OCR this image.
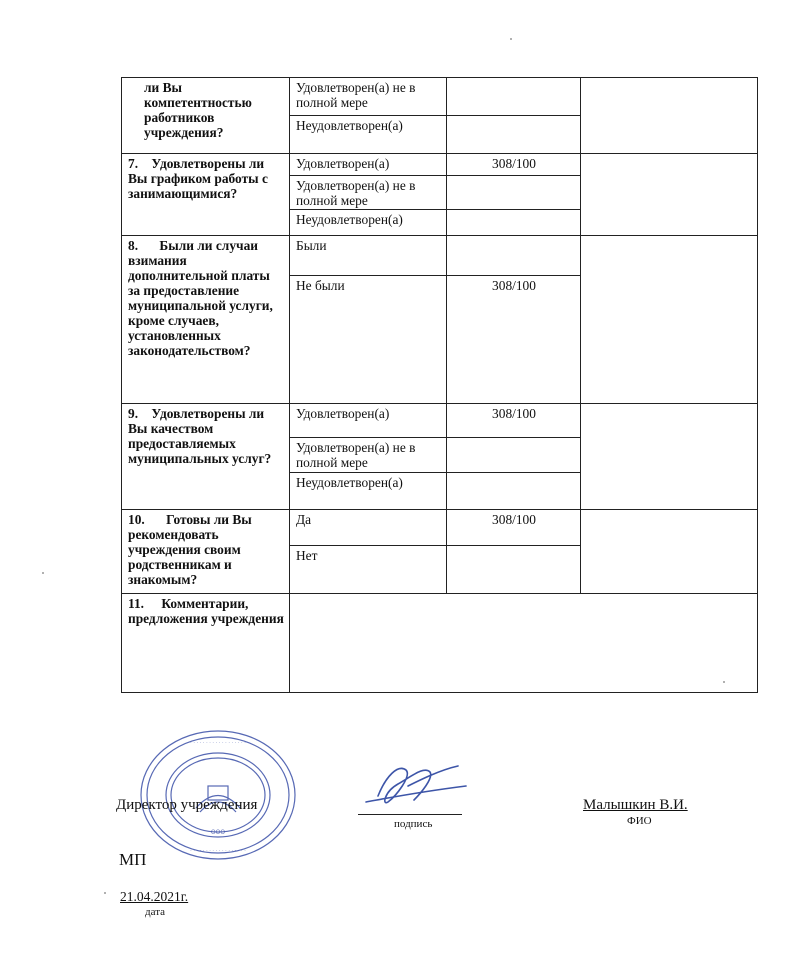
ли Вы компетентностью работников учреждения?	Удовлетворен(а) не в полной мере		
	Неудовлетворен(а)		
7. Удовлетворены ли Вы графиком работы с занимающимися?	Удовлетворен(а)	308/100	
	Удовлетворен(а) не в полной мере		
	Неудовлетворен(а)		
8. Были ли случаи взимания дополнительной платы за предоставление муниципальной услуги, кроме случаев, установленных законодательством?	Были		
	Не были	308/100	
9. Удовлетворены ли Вы качеством предоставляемых муниципальных услуг?	Удовлетворен(а)	308/100	
	Удовлетворен(а) не в полной мере		
	Неудовлетворен(а)		
10. Готовы ли Вы рекомендовать учреждения своим родственникам и знакомым?	Да	308/100	
	Нет		
11. Комментарии, предложения учреждения			
· · · · · · · · · · · · · · · · · ·
· · · · · · · · · · · · · · · · · ·
ООО
Директор учреждения
подпись
Малышкин В.И.
ФИО
МП
21.04.2021г.
дата
